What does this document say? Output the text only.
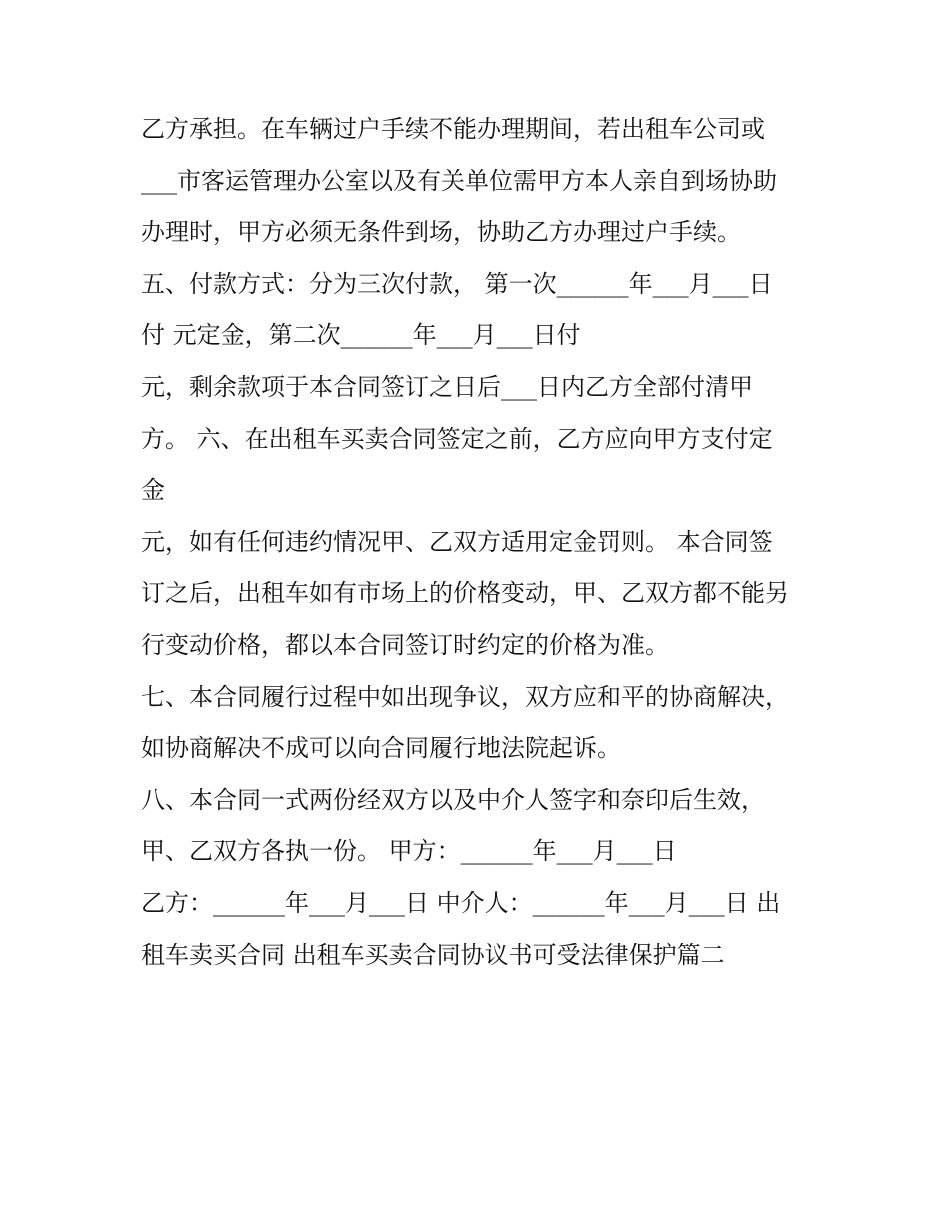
乙方承担。在车辆过户手续不能办理期间，若出租车公司或
___市客运管理办公室以及有关单位需甲方本人亲自到场协助
办理时，甲方必须无条件到场，协助乙方办理过户手续。
五、付款方式：分为三次付款， 第一次______年___月___日
付 元定金，第二次______年___月___日付
元，剩余款项于本合同签订之日后___日内乙方全部付清甲
方。 六、在出租车买卖合同签定之前，乙方应向甲方支付定
金
元，如有任何违约情况甲、乙双方适用定金罚则。 本合同签
订之后，出租车如有市场上的价格变动，甲、乙双方都不能另
行变动价格，都以本合同签订时约定的价格为准。
七、本合同履行过程中如出现争议，双方应和平的协商解决，
如协商解决不成可以向合同履行地法院起诉。
八、本合同一式两份经双方以及中介人签字和奈印后生效，
甲、乙双方各执一份。 甲方：______年___月___日
乙方：______年___月___日 中介人：______年___月___日 出
租车卖买合同 出租车买卖合同协议书可受法律保护篇二
